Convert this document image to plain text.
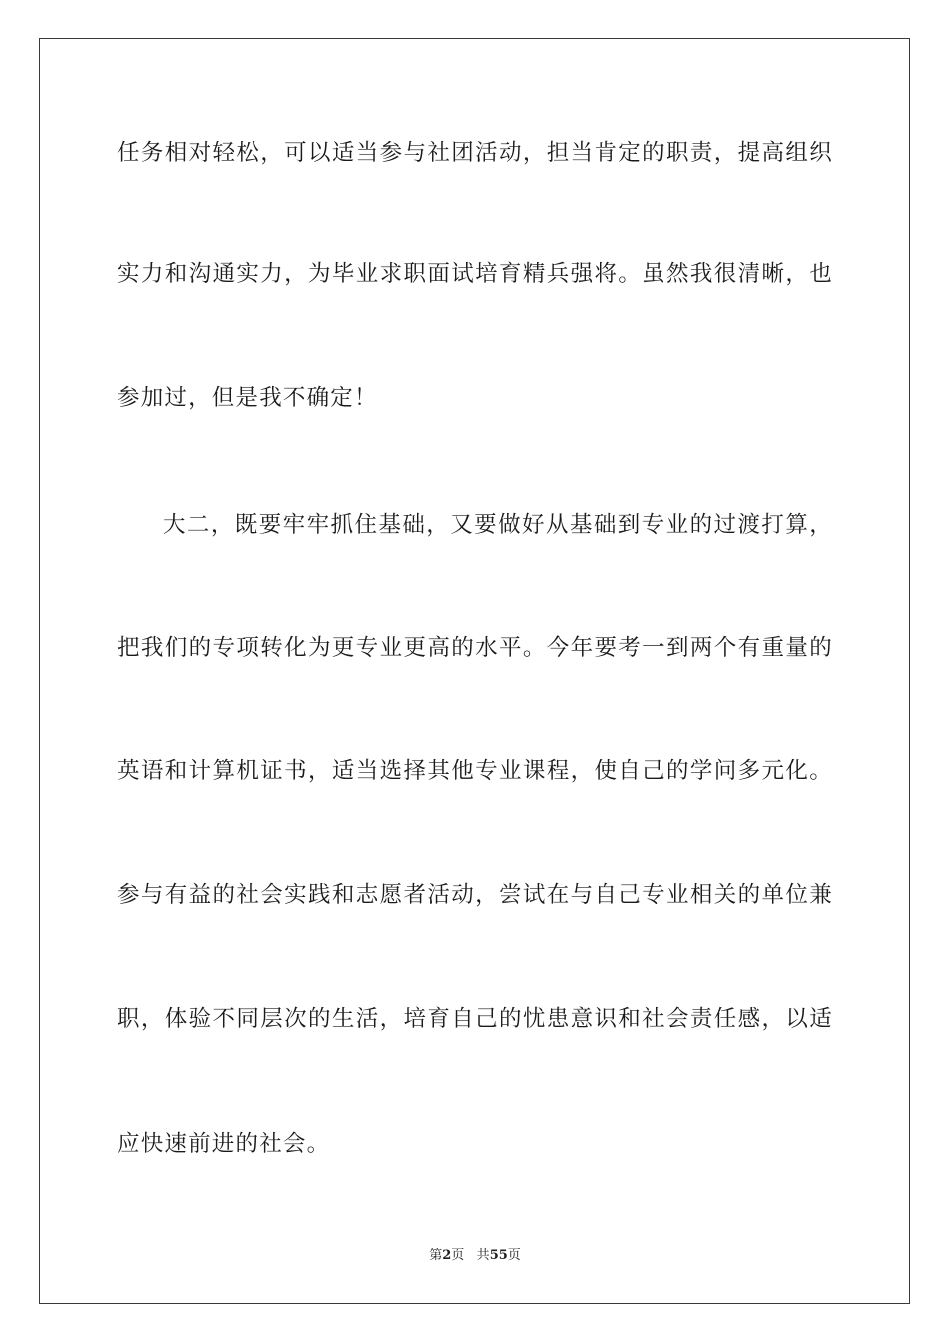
任务相对轻松，可以适当参与社团活动，担当肯定的职责，提高组织
实力和沟通实力，为毕业求职面试培育精兵强将。虽然我很清晰，也
参加过，但是我不确定！
大二，既要牢牢抓住基础，又要做好从基础到专业的过渡打算，
把我们的专项转化为更专业更高的水平。今年要考一到两个有重量的
英语和计算机证书，适当选择其他专业课程，使自己的学问多元化。
参与有益的社会实践和志愿者活动，尝试在与自己专业相关的单位兼
职，体验不同层次的生活，培育自己的忧患意识和社会责任感，以适
应快速前进的社会。
第2页 共55页
